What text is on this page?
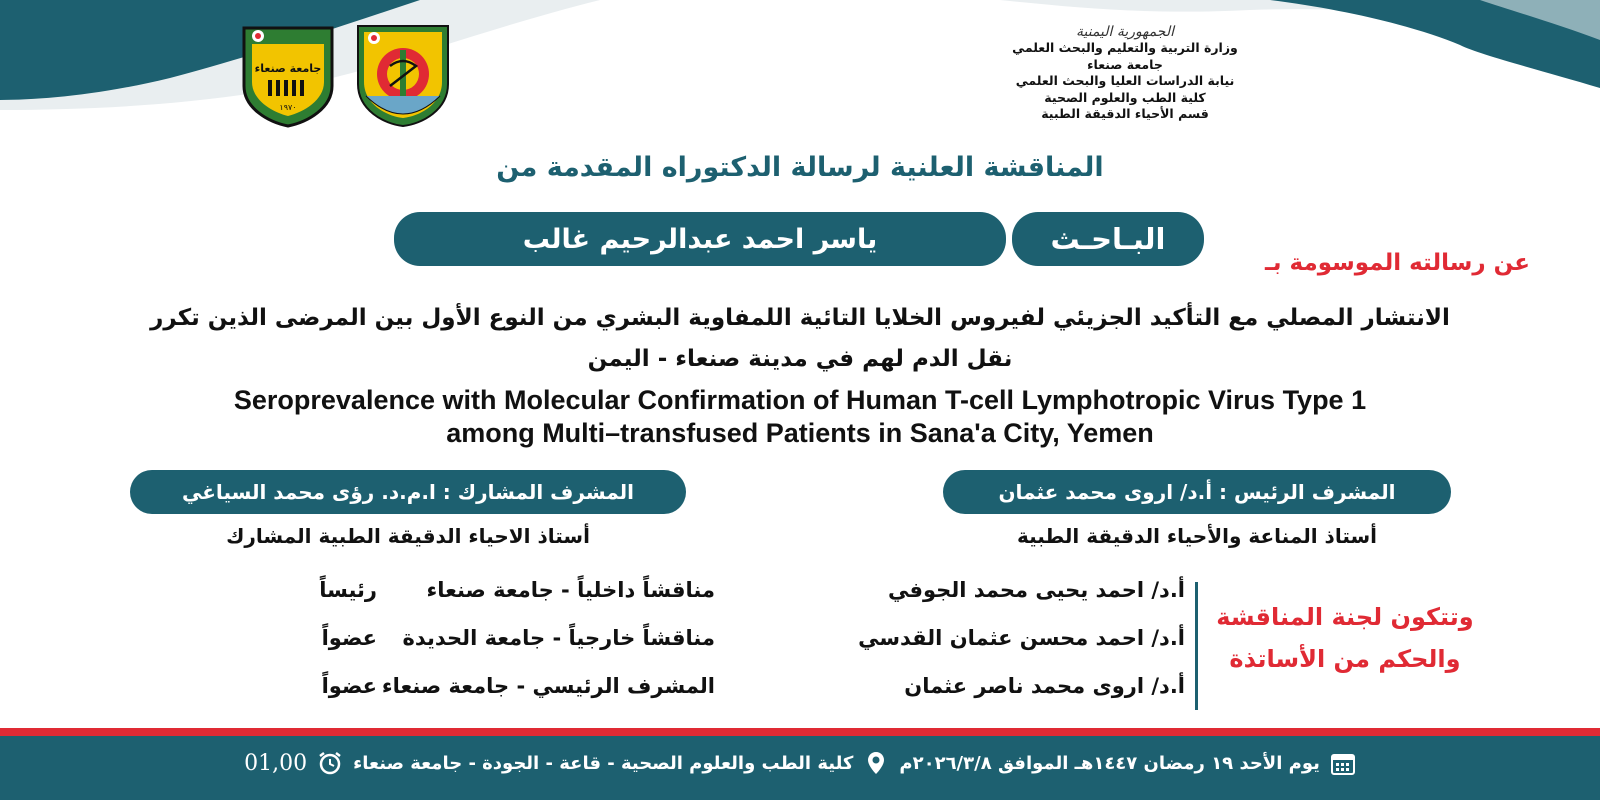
الجمهورية اليمنية
وزارة التربية والتعليم والبحث العلمي
جامعة صنعاء
نيابة الدراسات العليا والبحث العلمي
كلية الطب والعلوم الصحية
قسم الأحياء الدقيقة الطبية
جامعة صنعاء
١٩٧٠
المناقشة العلنية لرسالة الدكتوراه المقدمة من
البـاحـث
ياسر احمد عبدالرحيم غالب
عن رسالته الموسومة بـ
الانتشار المصلي مع التأكيد الجزيئي لفيروس الخلايا التائية اللمفاوية البشري من النوع الأول بين المرضى الذين تكرر
نقل الدم لهم في مدينة صنعاء - اليمن
Seroprevalence with Molecular Confirmation of Human T-cell Lymphotropic Virus Type 1
among Multi–transfused Patients in Sana'a City, Yemen
المشرف الرئيس : أ.د/ اروى محمد عثمان
المشرف المشارك : ا.م.د. رؤى محمد السياغي
أستاذ المناعة والأحياء الدقيقة الطبية
أستاذ الاحياء الدقيقة الطبية المشارك
وتتكون لجنة المناقشة
والحكم من الأساتذة
أ.د/ احمد يحيى محمد الجوفي
مناقشاً داخلياً - جامعة صنعاء
رئيساً
أ.د/ احمد محسن عثمان القدسي
مناقشاً خارجياً - جامعة الحديدة
عضواً
أ.د/ اروى محمد ناصر عثمان
المشرف الرئيسي - جامعة صنعاء
عضواً
يوم الأحد ١٩ رمضان ١٤٤٧هـ الموافق ٢٠٢٦/٣/٨م
كلية الطب والعلوم الصحية - قاعة - الجودة - جامعة صنعاء
01,00
